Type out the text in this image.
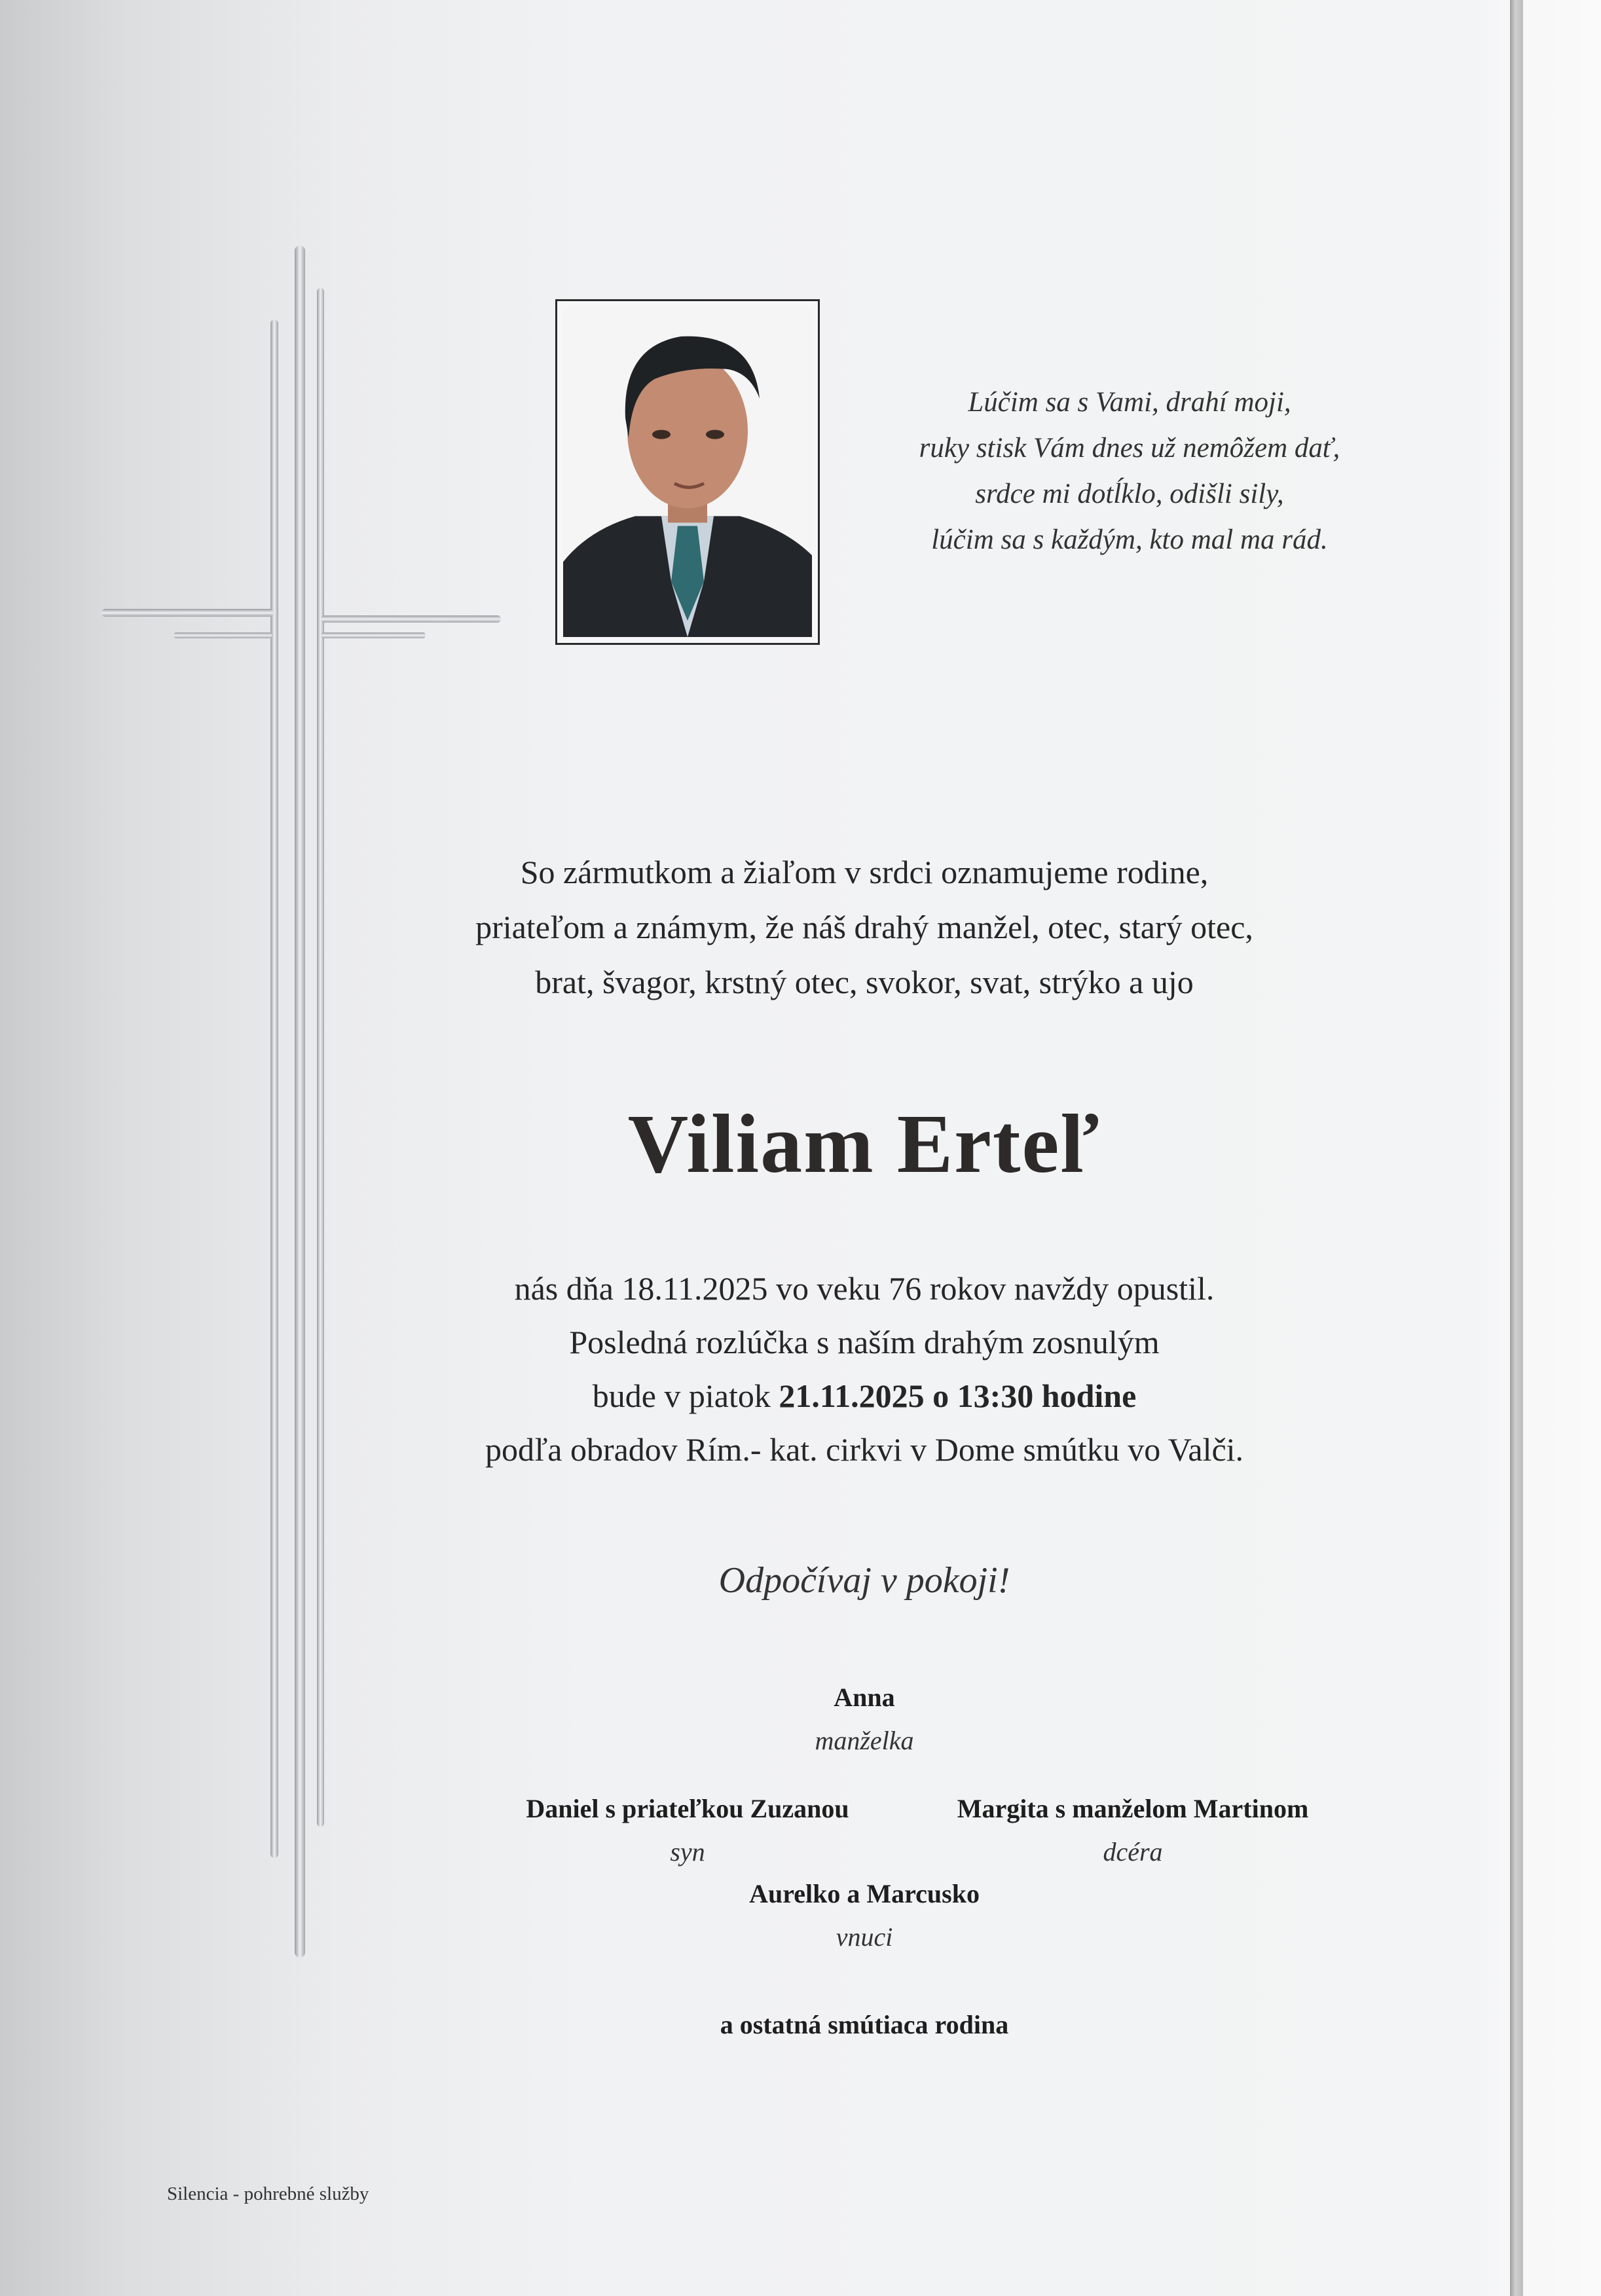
Lúčim sa s Vami, drahí moji,
ruky stisk Vám dnes už nemôžem dať,
srdce mi dotĺklo, odišli sily,
lúčim sa s každým, kto mal ma rád.
So zármutkom a žiaľom v srdci oznamujeme rodine,
priateľom a známym, že náš drahý manžel, otec, starý otec,
brat, švagor, krstný otec, svokor, svat, strýko a ujo
Viliam Erteľ
nás dňa 18.11.2025 vo veku 76 rokov navždy opustil.
Posledná rozlúčka s naším drahým zosnulým
bude v piatok 21.11.2025 o 13:30 hodine
podľa obradov Rím.- kat. cirkvi v Dome smútku vo Valči.
Odpočívaj v pokoji!
Anna
manželka
Daniel s priateľkou Zuzanou
syn
Margita s manželom Martinom
dcéra
Aurelko a Marcusko
vnuci
a ostatná smútiaca rodina
Silencia - pohrebné služby
